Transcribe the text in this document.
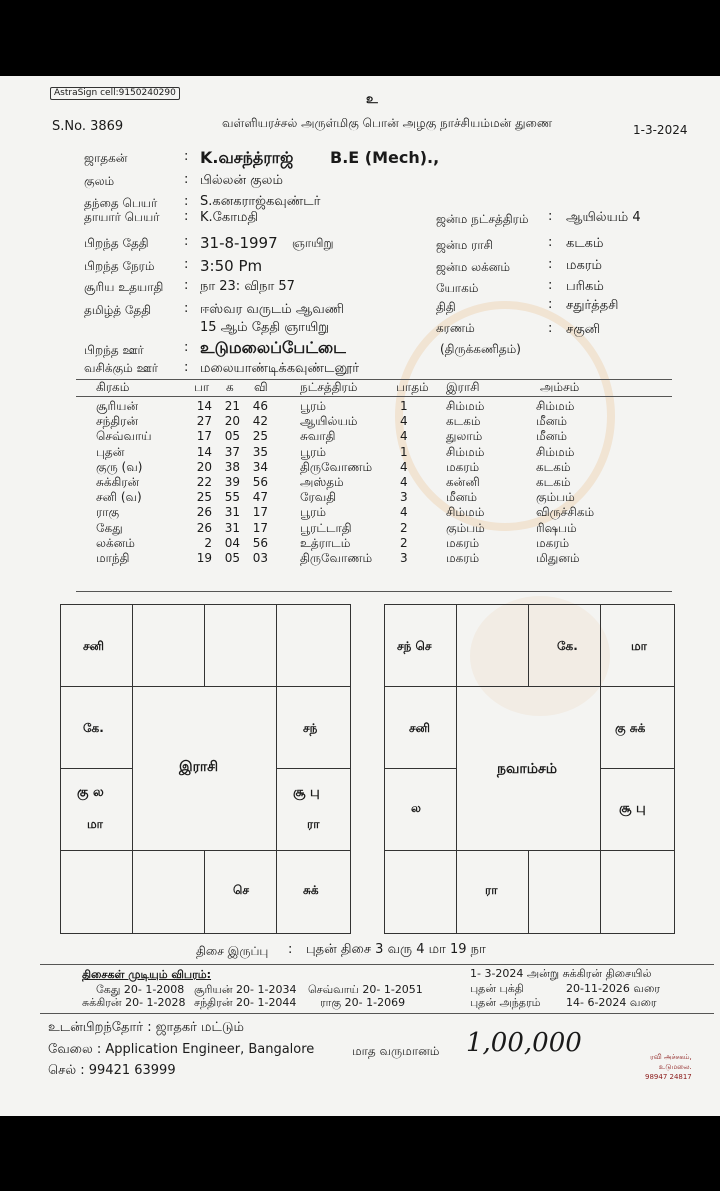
AstraSign cell:9150240290	உ
S.No. 3869	வள்ளியரச்சல் அருள்மிகு பொன் அழகு நாச்சியம்மன் துணை	1-3-2024
ஜாதகன்	: K.வசந்த்ராஜ் B.E (Mech).,
குலம்	: பில்லன் குலம்
தந்தை பெயர் : S.கனகராஜ்கவுண்டர்
தாயார் பெயர் : K.கோமதி
பிறந்த தேதி	: 31-8-1997 ஞாயிறு
பிறந்த நேரம் : 3:50 Pm
சூரிய உதயாதி : நா 23: விநா 57
தமிழ்த் தேதி	: ஈஸ்வர வருடம் ஆவணி
15 ஆம் தேதி ஞாயிறு
பிறந்த ஊர்	: உடுமலைப்பேட்டை	(திருக்கணிதம்)
வசிக்கும் ஊர் : மலையாண்டிக்கவுண்டனூர்
ஜன்ம நட்சத்திரம் : ஆயில்யம் 4
ஜன்ம ராசி	: கடகம்
ஜன்ம லக்னம்	: மகரம்
யோகம்	: பரிகம்
திதி	: சதுர்த்தசி
கரணம்	: சகுனி
கிரகம்	பா க வி	நட்சத்திரம்	பாதம் இராசி	அம்சம்
சூரியன்	14	21	46	பூரம்	1	சிம்மம்	சிம்மம்
சந்திரன்	27	20	42	ஆயில்யம்	4	கடகம்	மீனம்
செவ்வாய்	17	05	25	சுவாதி	4	துலாம்	மீனம்
புதன்	14	37	35	பூரம்	1	சிம்மம்	சிம்மம்
குரு (வ)	20	38	34	திருவோணம் 4	மகரம்	கடகம்
சுக்கிரன்	22	39	56	அஸ்தம்	4	கன்னி	கடகம்
சனி (வ)	25	55	47	ரேவதி	3	மீனம்	கும்பம்
ராகு	26	31	17	பூரம்	4	சிம்மம்	விருச்சிகம்
கேது	26	31	17	பூரட்டாதி	2	கும்பம்	ரிஷபம்
லக்னம்	2	04	56	உத்ராடம்	2	மகரம்	மகரம்
மாந்தி	19	05	03	திருவோணம் 3	மகரம்	மிதுனம்
சனி
கே.	சந்
கு ல
மா
சூ பு
ரா
செ	சுக்
இராசி
சந் செ	கே.	மா
சனி	கு சுக்
ல	சூ பு
ரா
நவாம்சம்
திசை இருப்பு : புதன் திசை 3 வரு 4 மா 19 நா
திசைகள் முடியும் விபரம்:
கேது 20- 1-2008 சூரியன் 20- 1-2034 செவ்வாய் 20- 1-2051
சுக்கிரன் 20- 1-2028 சந்திரன் 20- 1-2044 ராகு 20- 1-2069
1- 3-2024 அன்று சுக்கிரன் திசையில்
புதன் புக்தி	20-11-2026 வரை
புதன் அந்தரம் 14- 6-2024 வரை
உடன்பிறந்தோர் : ஜாதகர் மட்டும்
வேலை : Application Engineer, Bangalore	மாத வருமானம் 1,00,000
செல் : 99421 63999
ரவி அச்சகம்,
உடுமலை.
98947 24817
